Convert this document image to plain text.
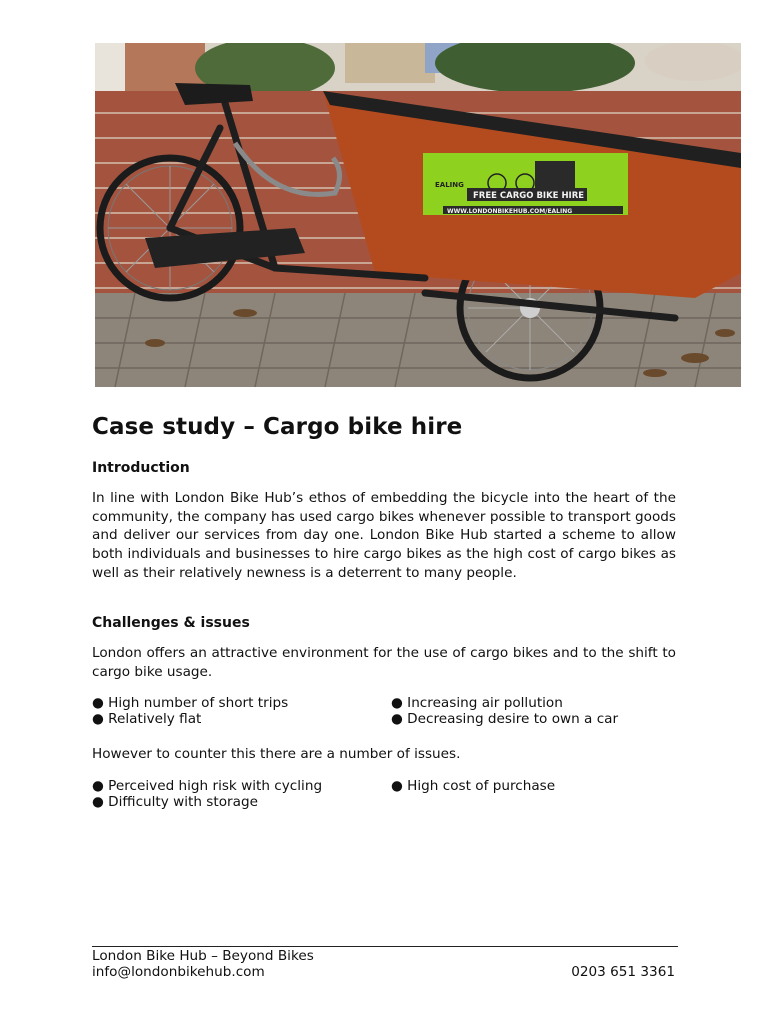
EALING
FREE CARGO BIKE HIRE
WWW.LONDONBIKEHUB.COM/EALING
Case study – Cargo bike hire

Introduction

In line with London Bike Hub’s ethos of embedding the bicycle into the heart of the community, the company has used cargo bikes whenever possible to transport goods and deliver our services from day one. London Bike Hub started a scheme to allow both individuals and businesses to hire cargo bikes as the high cost of cargo bikes as well as their relatively newness is a deterrent to many people.

Challenges & issues

London offers an attractive environment for the use of cargo bikes and to the shift to cargo bike usage.

● High number of short trips

● Relatively flat

● Increasing air pollution

● Decreasing desire to own a car

However to counter this there are a number of issues.

● Perceived high risk with cycling

● Difficulty with storage

● High cost of purchase

London Bike Hub – Beyond Bikes

info@londonbikehub.com	0203 651 3361
